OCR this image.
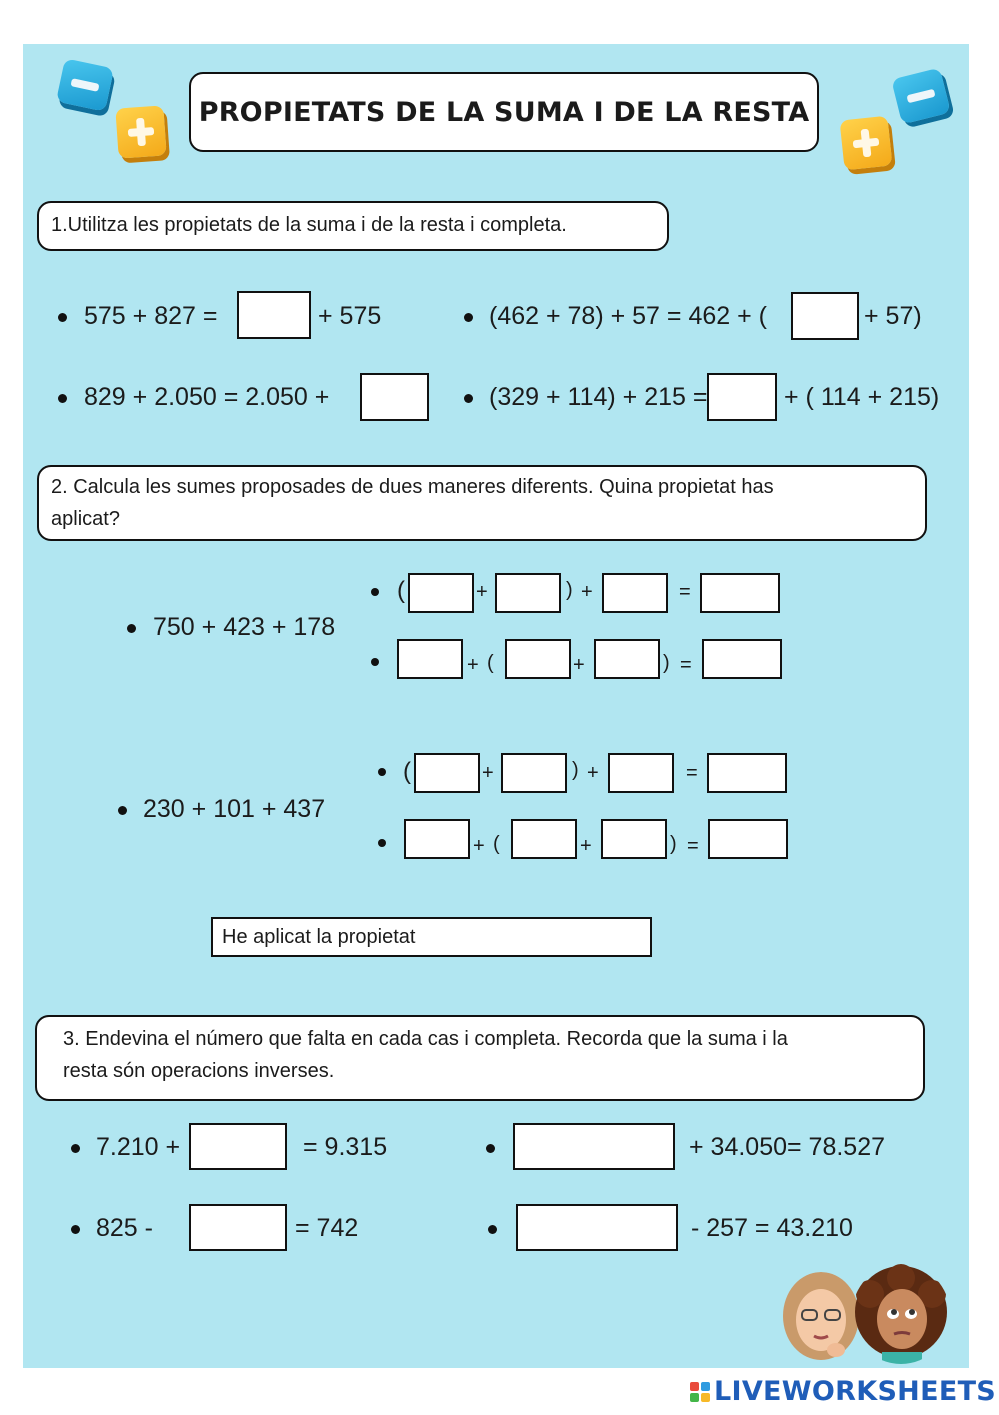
PROPIETATS DE LA SUMA I DE LA RESTA
1.Utilitza les propietats de la suma i de la resta i completa.
575 + 827 =	+ 575	(462 + 78) + 57 = 462 + (	+ 57)
829 + 2.050 = 2.050 +	(329 + 114) + 215 =	+ ( 114 + 215)
2. Calcula les sumes proposades de dues maneres diferents. Quina propietat has
aplicat?
750 + 423 + 178
(	+	) +	=
+ (	+	) =
230 + 101 + 437
(	+	) +	=
+ (	+	) =
He aplicat la propietat
3. Endevina el número que falta en cada cas i completa. Recorda que la suma i la
resta són operacions inverses.
7.210 +	= 9.315	+ 34.050= 78.527
825 -	= 742	- 257 = 43.210
LIVEWORKSHEETS
